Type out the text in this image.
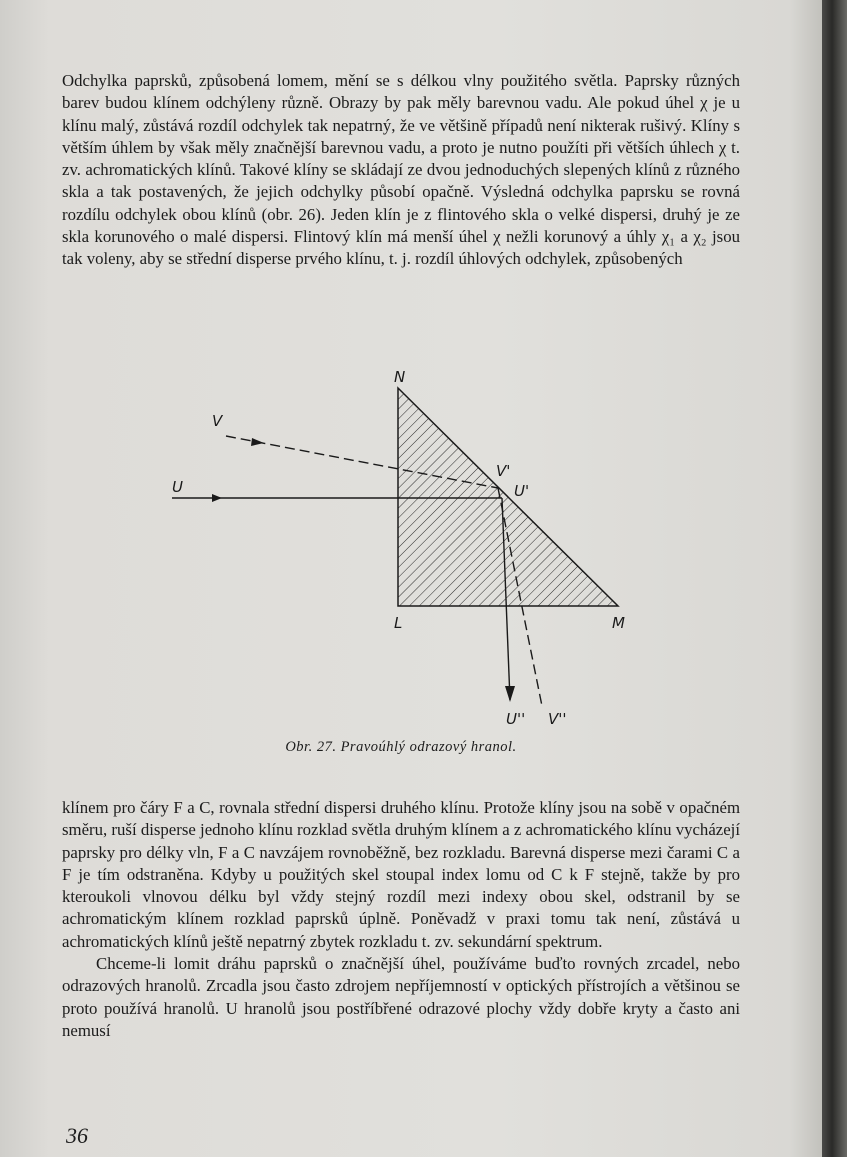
Odchylka paprsků, způsobená lomem, mění se s délkou vlny použitého světla. Paprsky různých barev budou klínem odchýleny různě. Obrazy by pak měly barevnou vadu. Ale pokud úhel χ je u klínu malý, zůstává rozdíl odchylek tak nepatrný, že ve většině případů není nikterak rušivý. Klíny s větším úhlem by však měly značnější barevnou vadu, a proto je nutno použíti při větších úhlech χ t. zv. achromatických klínů. Takové klíny se skládají ze dvou jednoduchých slepených klínů z různého skla a tak postavených, že jejich odchylky působí opačně. Výsledná odchylka paprsku se rovná rozdílu odchylek obou klínů (obr. 26). Jeden klín je z flintového skla o velké dispersi, druhý je ze skla korunového o malé dispersi. Flintový klín má menší úhel χ nežli korunový a úhly χ₁ a χ₂ jsou tak voleny, aby se střední disperse prvého klínu, t. j. rozdíl úhlových odchylek, způsobených

N
V
U
V'
U'
L	M
U'' V''
Obr. 27. Pravoúhlý odrazový hranol.

klínem pro čáry F a C, rovnala střední dispersi druhého klínu. Protože klíny jsou na sobě v opačném směru, ruší disperse jednoho klínu rozklad světla druhým klínem a z achromatického klínu vycházejí paprsky pro délky vln, F a C navzájem rovnoběžně, bez rozkladu. Barevná disperse mezi čarami C a F je tím odstraněna. Kdyby u použitých skel stoupal index lomu od C k F stejně, takže by pro kteroukoli vlnovou délku byl vždy stejný rozdíl mezi indexy obou skel, odstranil by se achromatickým klínem rozklad paprsků úplně. Poněvadž v praxi tomu tak není, zůstává u achromatických klínů ještě nepatrný zbytek rozkladu t. zv. sekundární spektrum.

Chceme-li lomit dráhu paprsků o značnější úhel, používáme buďto rovných zrcadel, nebo odrazových hranolů. Zrcadla jsou často zdrojem nepříjemností v optických přístrojích a většinou se proto používá hranolů. U hranolů jsou postříbřené odrazové plochy vždy dobře kryty a často ani nemusí

36
